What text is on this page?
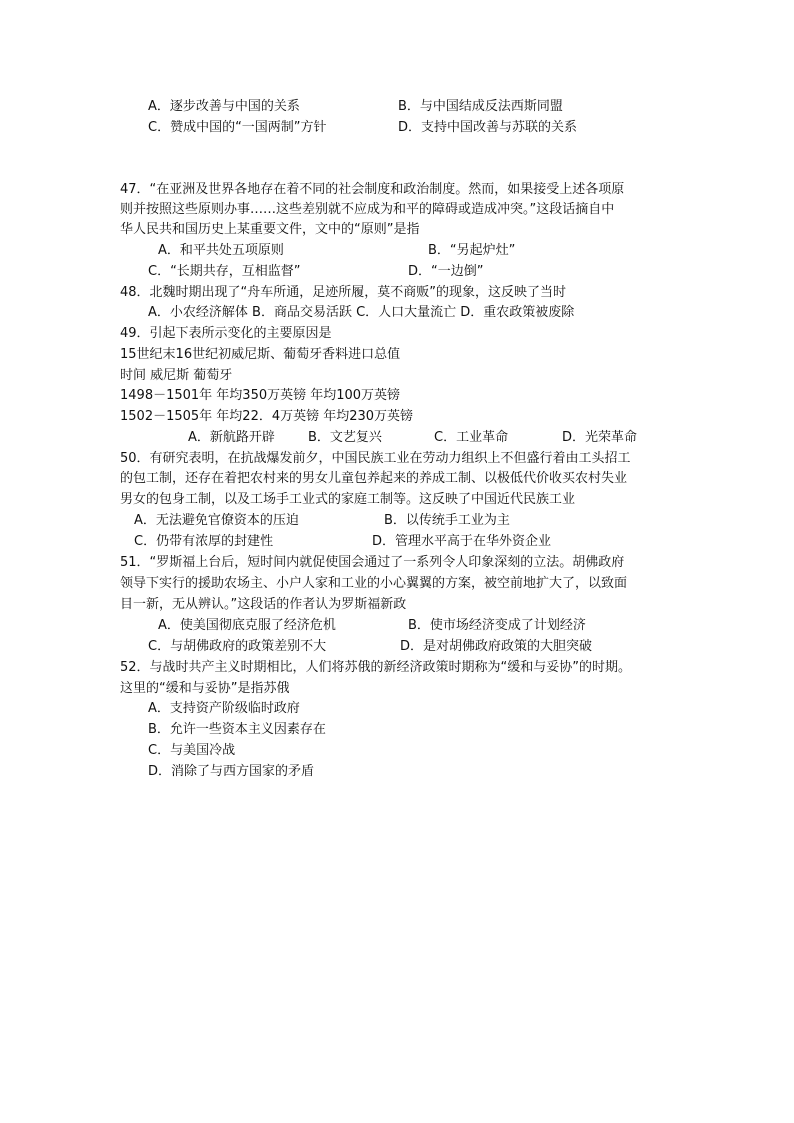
A．逐步改善与中国的关系	B．与中国结成反法西斯同盟
C．赞成中国的“一国两制”方针	D．支持中国改善与苏联的关系
47．“在亚洲及世界各地存在着不同的社会制度和政治制度。然而，如果接受上述各项原
则并按照这些原则办事……这些差别就不应成为和平的障碍或造成冲突。”这段话摘自中
华人民共和国历史上某重要文件，文中的“原则”是指
A．和平共处五项原则	B．“另起炉灶”
C．“长期共存，互相监督”	D．“一边倒”
48．北魏时期出现了“舟车所通，足迹所履，莫不商贩”的现象，这反映了当时
A．小农经济解体 B．商品交易活跃 C．人口大量流亡 D．重农政策被废除
49．引起下表所示变化的主要原因是
15世纪末16世纪初威尼斯、葡萄牙香料进口总值
时间 威尼斯 葡萄牙
1498－1501年 年均350万英镑 年均100万英镑
1502－1505年 年均22．4万英镑 年均230万英镑
A．新航路开辟	B．文艺复兴	C．工业革命	D．光荣革命
50．有研究表明，在抗战爆发前夕，中国民族工业在劳动力组织上不但盛行着由工头招工
的包工制，还存在着把农村来的男女儿童包养起来的养成工制、以极低代价收买农村失业
男女的包身工制，以及工场手工业式的家庭工制等。这反映了中国近代民族工业
A．无法避免官僚资本的压迫	B．以传统手工业为主
C．仍带有浓厚的封建性	D．管理水平高于在华外资企业
51．“罗斯福上台后，短时间内就促使国会通过了一系列令人印象深刻的立法。胡佛政府
领导下实行的援助农场主、小户人家和工业的小心翼翼的方案，被空前地扩大了，以致面
目一新，无从辨认。”这段话的作者认为罗斯福新政
A．使美国彻底克服了经济危机	B．使市场经济变成了计划经济
C．与胡佛政府的政策差别不大	D．是对胡佛政府政策的大胆突破
52．与战时共产主义时期相比，人们将苏俄的新经济政策时期称为“缓和与妥协”的时期。
这里的“缓和与妥协”是指苏俄
A．支持资产阶级临时政府
B．允许一些资本主义因素存在
C．与美国冷战
D．消除了与西方国家的矛盾
